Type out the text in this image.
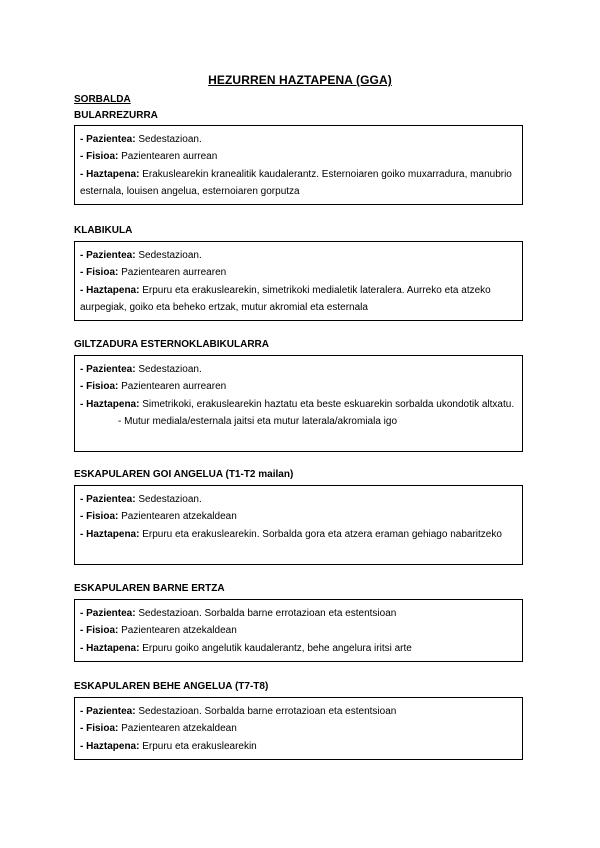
HEZURREN HAZTAPENA (GGA)
SORBALDA
BULARREZURRA
- Pazientea: Sedestazioan.
- Fisioa: Pazientearen aurrean
- Haztapena: Erakuslearekin kranealitik kaudalerantz. Esternoiaren goiko muxarradura, manubrio esternala, louisen angelua, esternoiaren gorputza
KLABIKULA
- Pazientea: Sedestazioan.
- Fisioa: Pazientearen aurrearen
- Haztapena: Erpuru eta erakuslearekin, simetrikoki medialetik lateralera. Aurreko eta atzeko aurpegiak, goiko eta beheko ertzak, mutur akromial eta esternala
GILTZADURA ESTERNOKLABIKULARRA
- Pazientea: Sedestazioan.
- Fisioa: Pazientearen aurrearen
- Haztapena: Simetrikoki, erakuslearekin haztatu eta beste eskuarekin sorbalda ukondotik altxatu.
- Mutur mediala/esternala jaitsi eta mutur laterala/akromiala igo
ESKAPULAREN GOI ANGELUA (T1-T2 mailan)
- Pazientea: Sedestazioan.
- Fisioa: Pazientearen atzekaldean
- Haztapena: Erpuru eta erakuslearekin. Sorbalda gora eta atzera eraman gehiago nabaritzeko
ESKAPULAREN BARNE ERTZA
- Pazientea: Sedestazioan. Sorbalda barne errotazioan eta estentsioan
- Fisioa: Pazientearen atzekaldean
- Haztapena: Erpuru goiko angelutik kaudalerantz, behe angelura iritsi arte
ESKAPULAREN BEHE ANGELUA (T7-T8)
- Pazientea: Sedestazioan. Sorbalda barne errotazioan eta estentsioan
- Fisioa: Pazientearen atzekaldean
- Haztapena: Erpuru eta erakuslearekin
